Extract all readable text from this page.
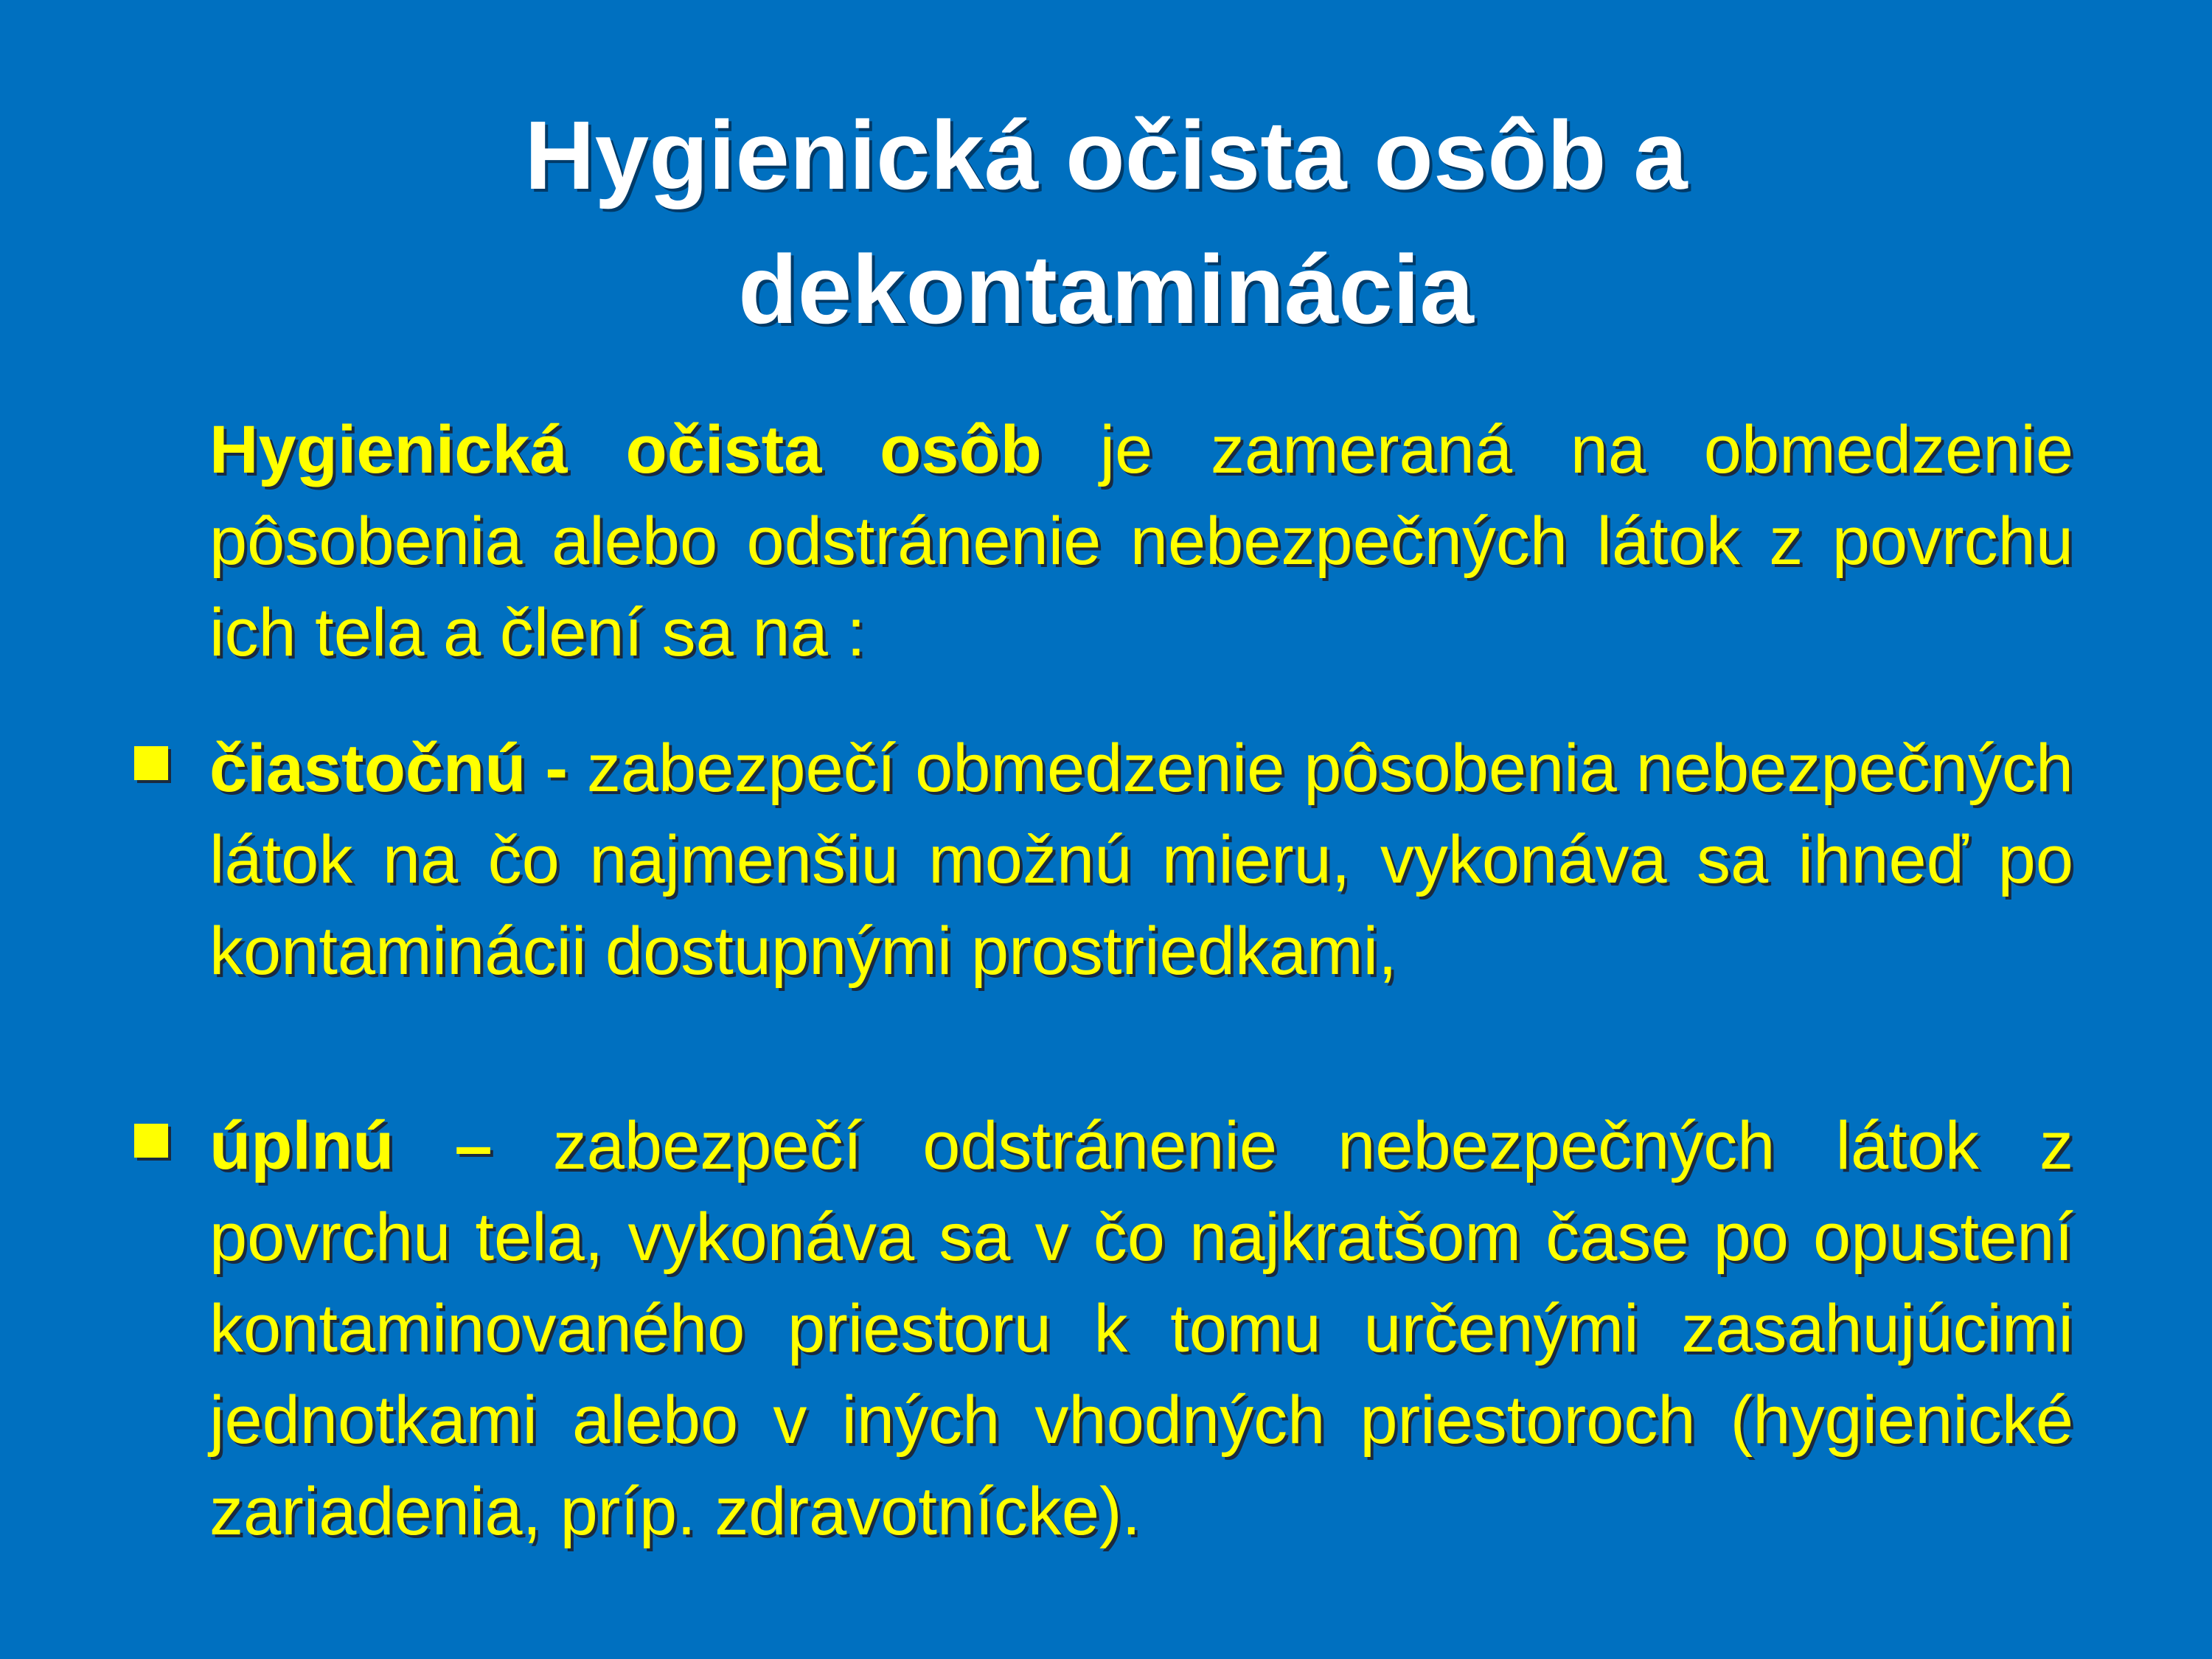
Hygienická očista osôb a
dekontaminácia
Hygienická očista osôb je zameraná na obmedzenie pôsobenia alebo odstránenie nebezpečných látok z povrchu ich tela a člení sa na :
čiastočnú - zabezpečí obmedzenie pôsobenia nebezpečných látok na čo najmenšiu možnú mieru, vykonáva sa ihneď po kontaminácii dostupnými prostriedkami,
úplnú – zabezpečí odstránenie nebezpečných látok z povrchu tela, vykonáva sa v čo najkratšom čase po opustení kontaminovaného priestoru k tomu určenými zasahujúcimi jednotkami alebo v iných vhodných priestoroch (hygienické zariadenia, príp. zdravotnícke).
